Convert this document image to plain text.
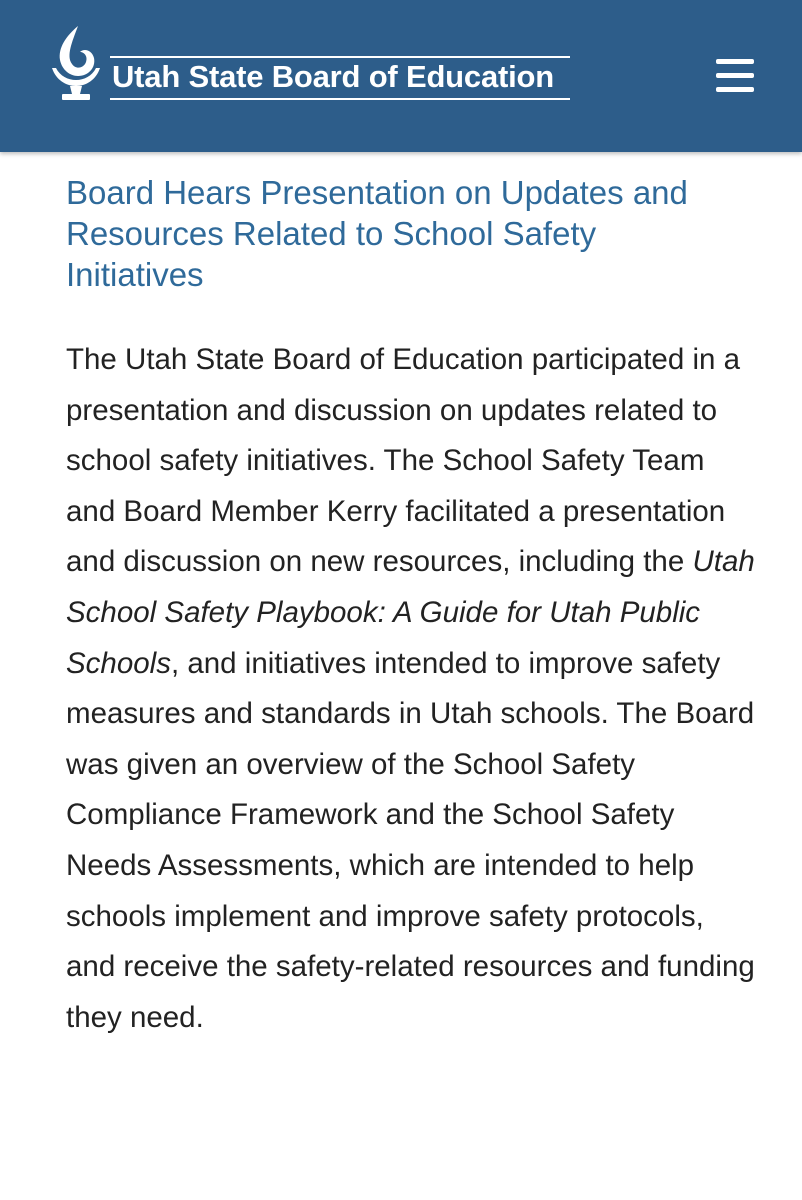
Utah State Board of Education
Board Hears Presentation on Updates and Resources Related to School Safety Initiatives

The Utah State Board of Education participated in a presentation and discussion on updates related to school safety initiatives. The School Safety Team and Board Member Kerry facilitated a presentation and discussion on new resources, including the Utah School Safety Playbook: A Guide for Utah Public Schools, and initiatives intended to improve safety measures and standards in Utah schools. The Board was given an overview of the School Safety Compliance Framework and the School Safety Needs Assessments, which are intended to help schools implement and improve safety protocols, and receive the safety-related resources and funding they need.
